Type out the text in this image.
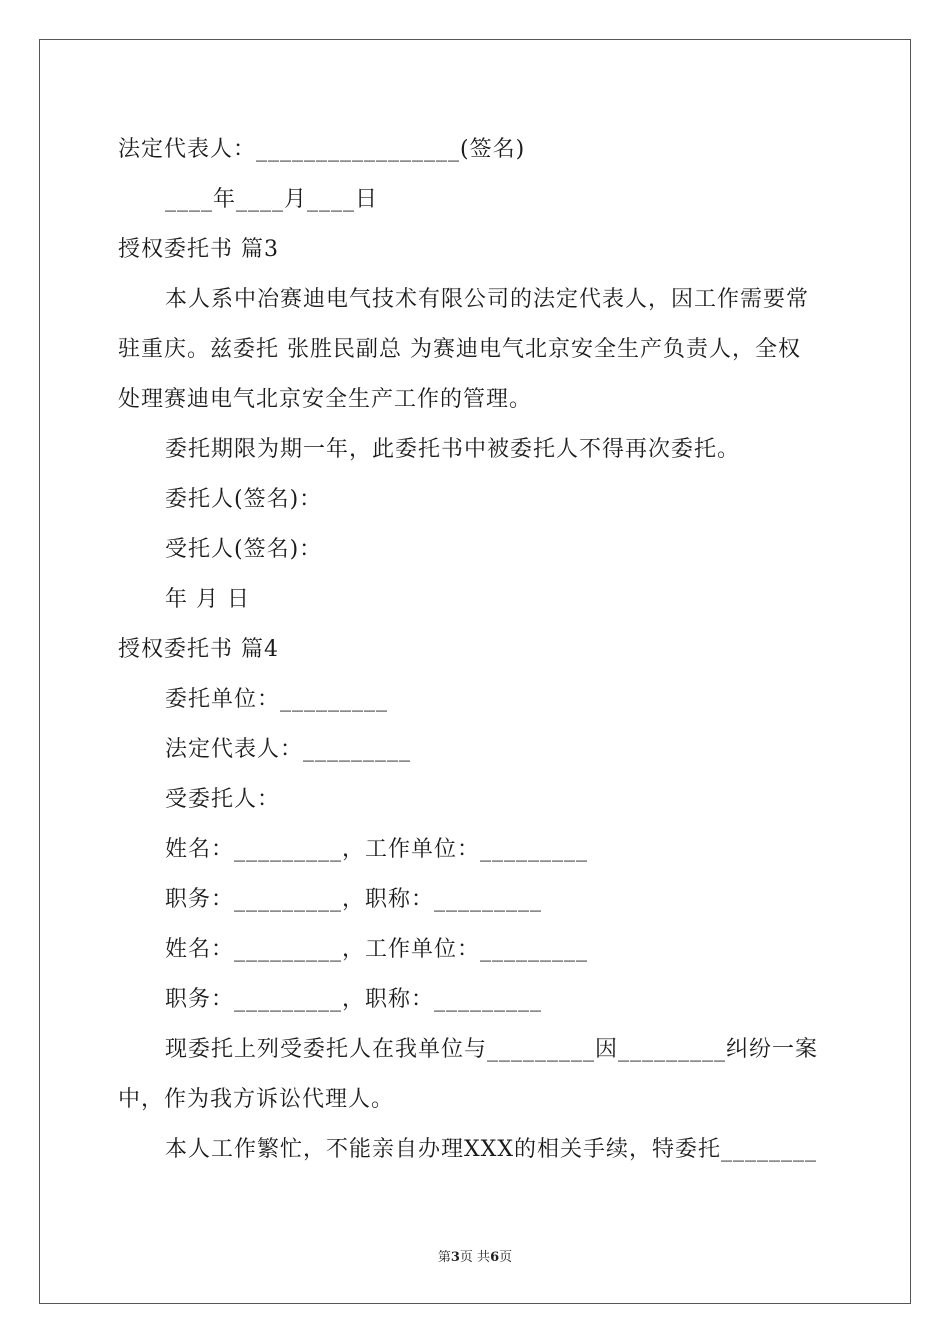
法定代表人：_________________(签名)
____年____月____日
授权委托书 篇3
本人系中冶赛迪电气技术有限公司的法定代表人，因工作需要常
驻重庆。兹委托 张胜民副总 为赛迪电气北京安全生产负责人，全权
处理赛迪电气北京安全生产工作的管理。
委托期限为期一年，此委托书中被委托人不得再次委托。
委托人(签名)：
受托人(签名)：
年 月 日
授权委托书 篇4
委托单位：_________
法定代表人：_________
受委托人：
姓名：_________，工作单位：_________
职务：_________，职称：_________
姓名：_________，工作单位：_________
职务：_________，职称：_________
现委托上列受委托人在我单位与_________因_________纠纷一案
中，作为我方诉讼代理人。
本人工作繁忙，不能亲自办理XXX的相关手续，特委托________
第3页 共6页
